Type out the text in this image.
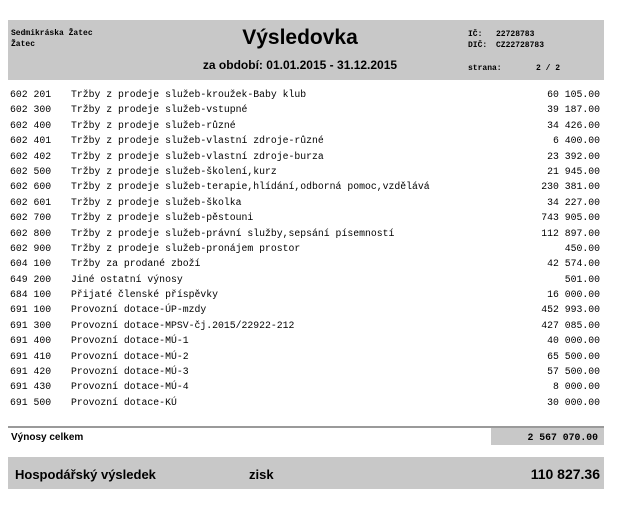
Sedmikráska Žatec
Žatec	Výsledovka
za období: 01.01.2015 - 31.12.2015
IČ: 22728783
DIČ: CZ22728783
strana:	2 / 2
602 201 Tržby z prodeje služeb-kroužek-Baby klub	60 105.00
602 300 Tržby z prodeje služeb-vstupné	39 187.00
602 400 Tržby z prodeje služeb-různé	34 426.00
602 401 Tržby z prodeje služeb-vlastní zdroje-různé	6 400.00
602 402 Tržby z prodeje služeb-vlastní zdroje-burza	23 392.00
602 500 Tržby z prodeje služeb-školení,kurz	21 945.00
602 600 Tržby z prodeje služeb-terapie,hlídání,odborná pomoc,vzdělává	230 381.00
602 601 Tržby z prodeje služeb-školka	34 227.00
602 700 Tržby z prodeje služeb-pěstouni	743 905.00
602 800 Tržby z prodeje služeb-právní služby,sepsání písemností	112 897.00
602 900 Tržby z prodeje služeb-pronájem prostor	450.00
604 100 Tržby za prodané zboží	42 574.00
649 200 Jiné ostatní výnosy	501.00
684 100 Přijaté členské příspěvky	16 000.00
691 100 Provozní dotace-ÚP-mzdy	452 993.00
691 300 Provozní dotace-MPSV-čj.2015/22922-212	427 085.00
691 400 Provozní dotace-MÚ-1	40 000.00
691 410 Provozní dotace-MÚ-2	65 500.00
691 420 Provozní dotace-MÚ-3	57 500.00
691 430 Provozní dotace-MÚ-4	8 000.00
691 500 Provozní dotace-KÚ	30 000.00
Výnosy celkem	2 567 070.00
Hospodářský výsledek	zisk	110 827.36
